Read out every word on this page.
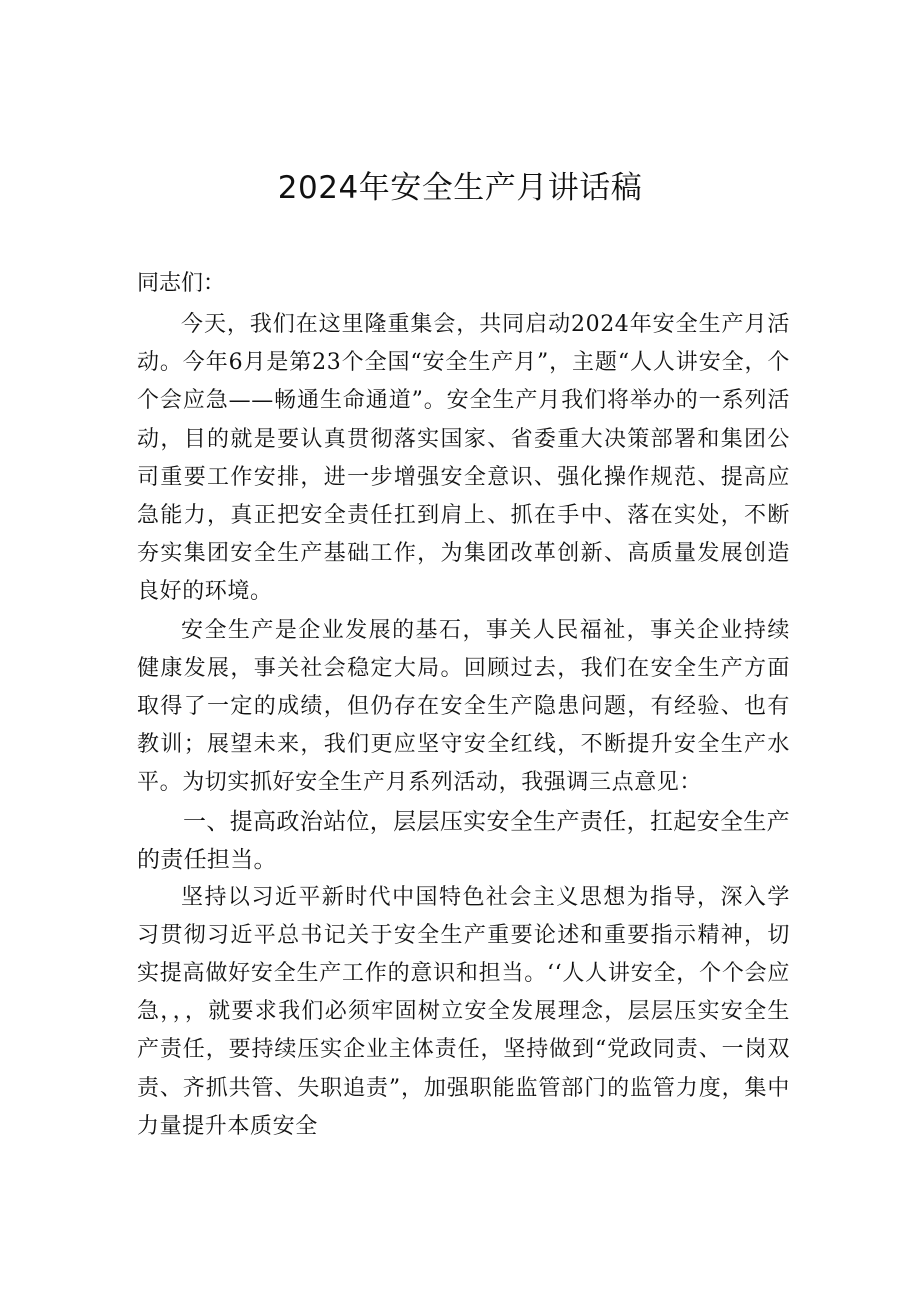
2024年安全生产月讲话稿

同志们：

今天，我们在这里隆重集会，共同启动2024年安全生产月活动。今年6月是第23个全国“安全生产月”，主题“人人讲安全，个个会应急——畅通生命通道”。安全生产月我们将举办的一系列活动，目的就是要认真贯彻落实国家、省委重大决策部署和集团公司重要工作安排，进一步增强安全意识、强化操作规范、提高应急能力，真正把安全责任扛到肩上、抓在手中、落在实处，不断夯实集团安全生产基础工作，为集团改革创新、高质量发展创造良好的环境。

安全生产是企业发展的基石，事关人民福祉，事关企业持续健康发展，事关社会稳定大局。回顾过去，我们在安全生产方面取得了一定的成绩，但仍存在安全生产隐患问题，有经验、也有教训；展望未来，我们更应坚守安全红线，不断提升安全生产水平。为切实抓好安全生产月系列活动，我强调三点意见：

一、提高政治站位，层层压实安全生产责任，扛起安全生产的责任担当。

坚持以习近平新时代中国特色社会主义思想为指导，深入学习贯彻习近平总书记关于安全生产重要论述和重要指示精神，切实提高做好安全生产工作的意识和担当。‘‘人人讲安全，个个会应急，，，就要求我们必须牢固树立安全发展理念，层层压实安全生产责任，要持续压实企业主体责任，坚持做到“党政同责、一岗双责、齐抓共管、失职追责”，加强职能监管部门的监管力度，集中力量提升本质安全
